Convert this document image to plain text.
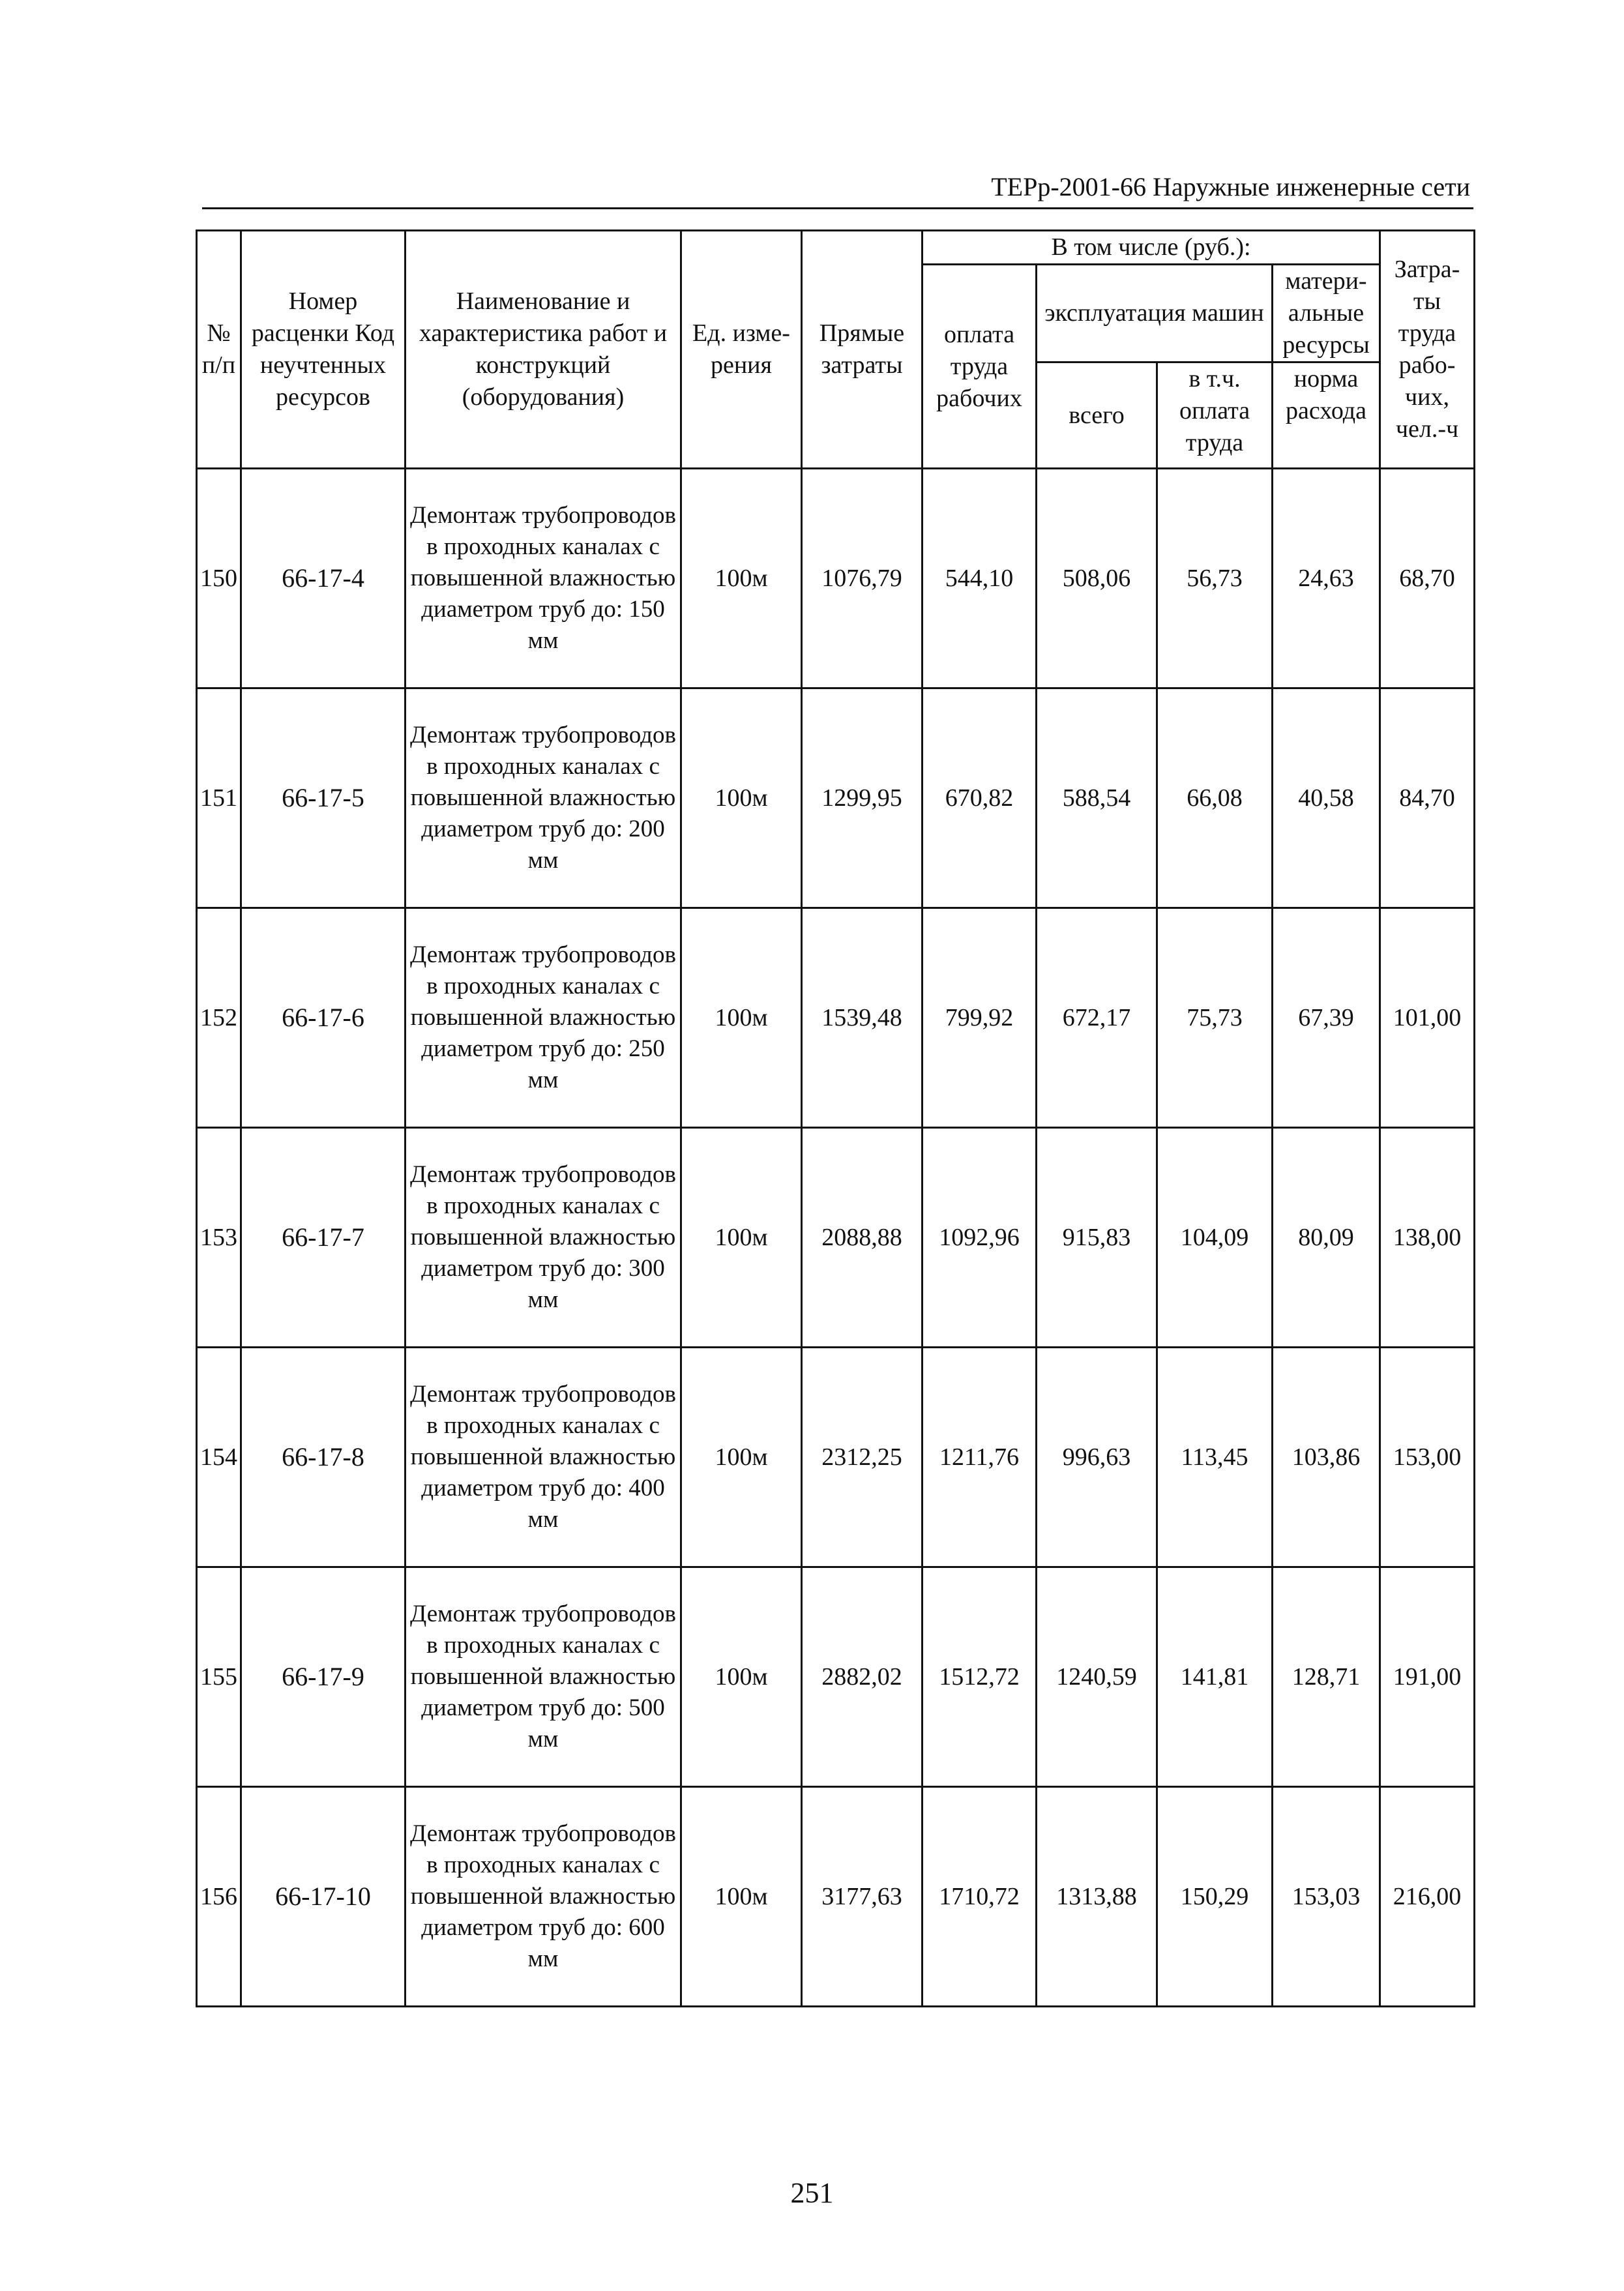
ТЕРр-2001-66 Наружные инженерные сети
№ п/п	Номер расценки Код неучтенных ресурсов	Наименование и характеристика работ и конструкций (оборудования)	Ед. изме- рения	Прямые затраты	В том числе (руб.):				Затра- ты труда рабо- чих, чел.-ч
					оплата труда рабочих	эксплуатация машин		матери- альные ресурсы	
						всего	в т.ч. оплата труда	норма расхода	
150	66-17-4	Демонтаж трубопроводов в проходных каналах с повышенной влажностью диаметром труб до: 150 мм	100м	1076,79	544,10	508,06	56,73	24,63	68,70
151	66-17-5	Демонтаж трубопроводов в проходных каналах с повышенной влажностью диаметром труб до: 200 мм	100м	1299,95	670,82	588,54	66,08	40,58	84,70
152	66-17-6	Демонтаж трубопроводов в проходных каналах с повышенной влажностью диаметром труб до: 250 мм	100м	1539,48	799,92	672,17	75,73	67,39	101,00
153	66-17-7	Демонтаж трубопроводов в проходных каналах с повышенной влажностью диаметром труб до: 300 мм	100м	2088,88	1092,96	915,83	104,09	80,09	138,00
154	66-17-8	Демонтаж трубопроводов в проходных каналах с повышенной влажностью диаметром труб до: 400 мм	100м	2312,25	1211,76	996,63	113,45	103,86	153,00
155	66-17-9	Демонтаж трубопроводов в проходных каналах с повышенной влажностью диаметром труб до: 500 мм	100м	2882,02	1512,72	1240,59	141,81	128,71	191,00
156	66-17-10	Демонтаж трубопроводов в проходных каналах с повышенной влажностью диаметром труб до: 600 мм	100м	3177,63	1710,72	1313,88	150,29	153,03	216,00
251
